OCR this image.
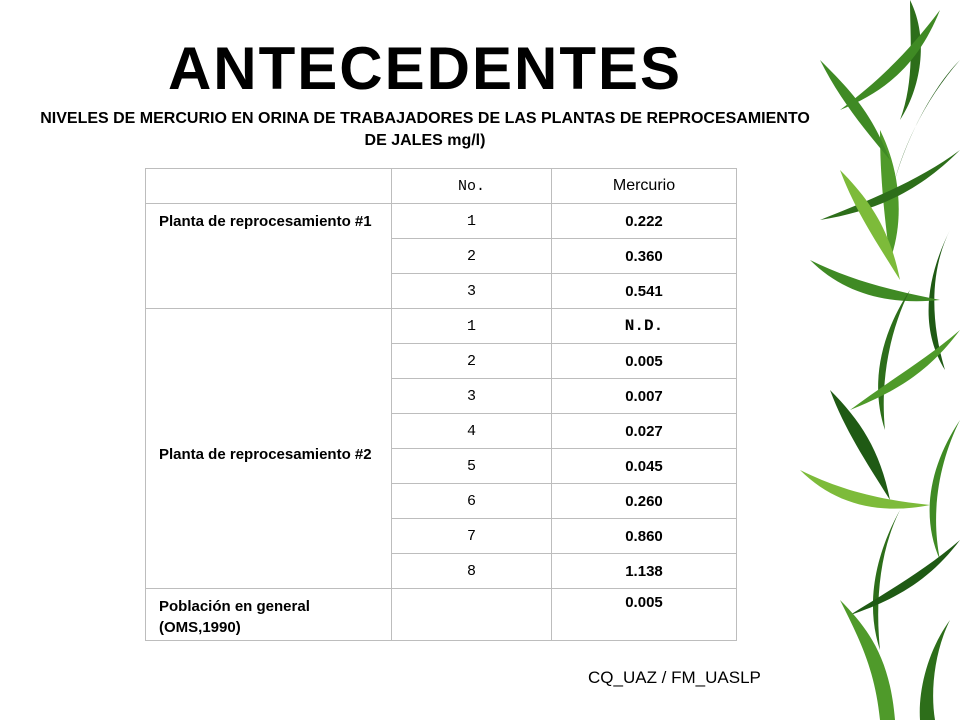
ANTECEDENTES
NIVELES DE MERCURIO EN ORINA DE TRABAJADORES DE LAS PLANTAS DE REPROCESAMIENTO DE JALES mg/l)
	No.	Mercurio
Planta de reprocesamiento #1	1	0.222
	2	0.360
	3	0.541
Planta de reprocesamiento #2	1	N.D.
	2	0.005
	3	0.007
	4	0.027
	5	0.045
	6	0.260
	7	0.860
	8	1.138
Población en general (OMS,1990)		0.005
CQ_UAZ / FM_UASLP
